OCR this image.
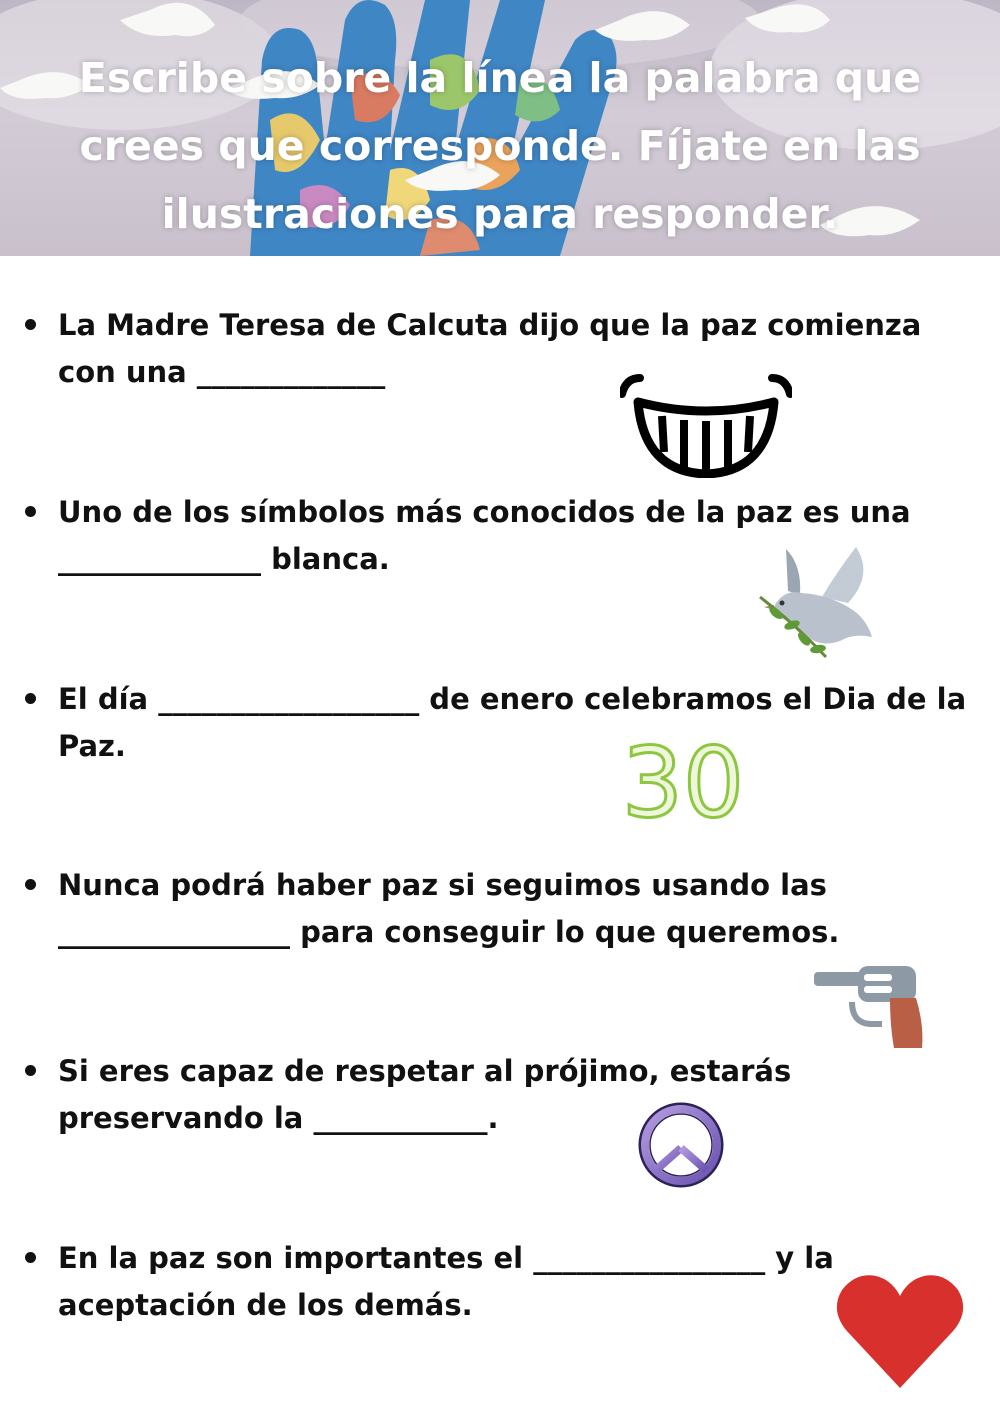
Escribe sobre la línea la palabra que crees que corresponde. Fíjate en las ilustraciones para responder.
La Madre Teresa de Calcuta dijo que la paz comienza con una _____________
Uno de los símbolos más conocidos de la paz es una ______________ blanca.
El día __________________ de enero celebramos el Dia de la Paz.	30
Nunca podrá haber paz si seguimos usando las ________________ para conseguir lo que queremos.
Si eres capaz de respetar al prójimo, estarás preservando la ____________.
En la paz son importantes el ________________ y la aceptación de los demás.
